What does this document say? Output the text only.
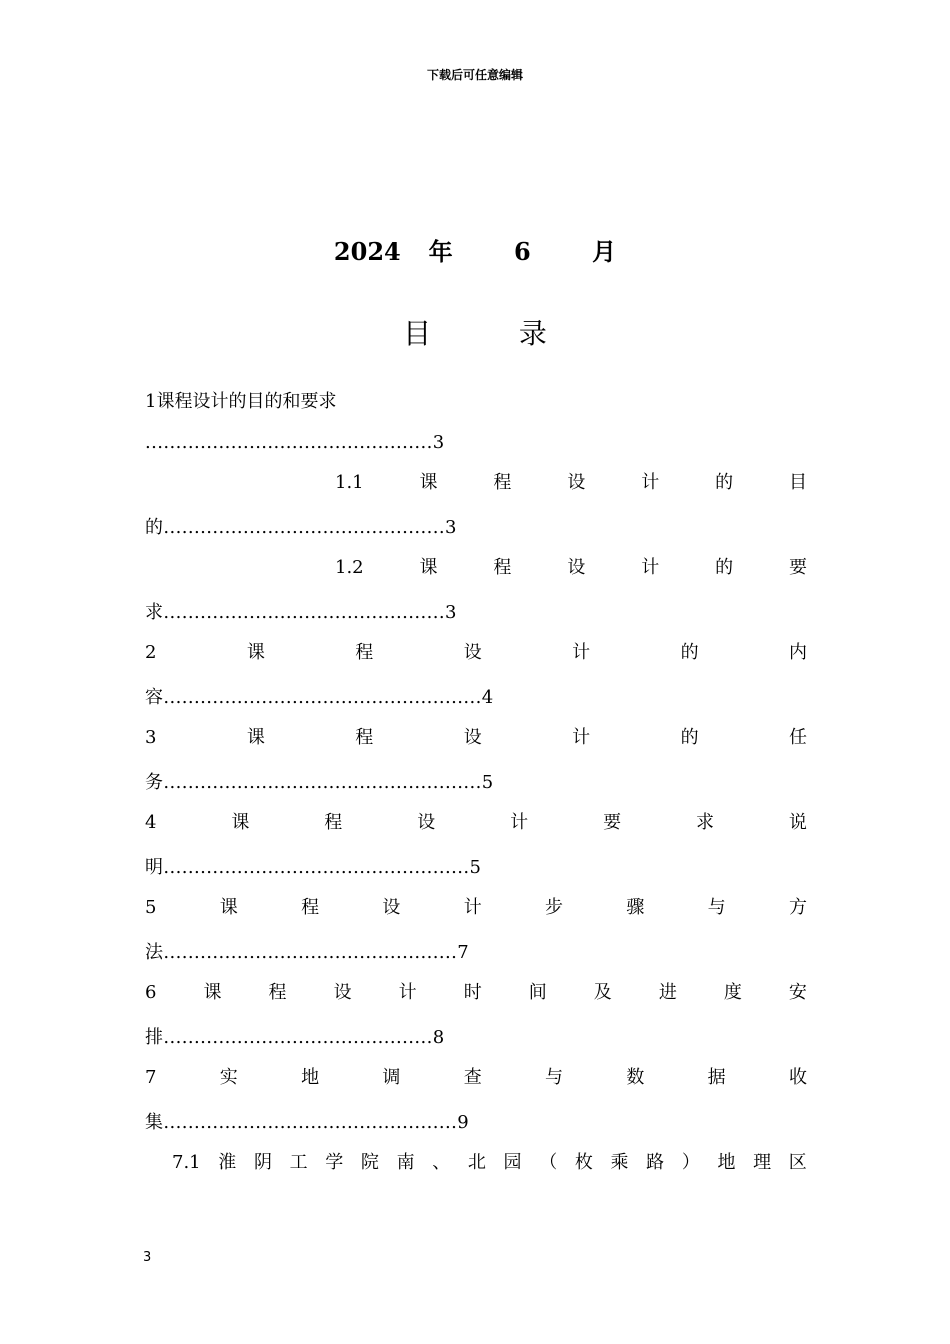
下载后可任意编辑
2024 年	6	月
目	录
1课程设计的目的和要求
...............................................3
1.1	课	程	设	计	的	目
的..............................................3
1.2	课	程	设	计	的	要
求..............................................3
2	课	程	设	计	的	内
容....................................................4
3	课	程	设	计	的	任
务....................................................5
4	课	程	设	计	要	求	说
明..................................................5
5	课	程	设	计	步	骤	与	方
法................................................7
6	课	程	设	计	时	间	及	进	度	安
排............................................8
7	实	地	调	查	与	数	据	收
集................................................9
7.1 淮 阴 工 学 院 南 、 北 园 （ 枚 乘 路 ） 地 理 区
3
